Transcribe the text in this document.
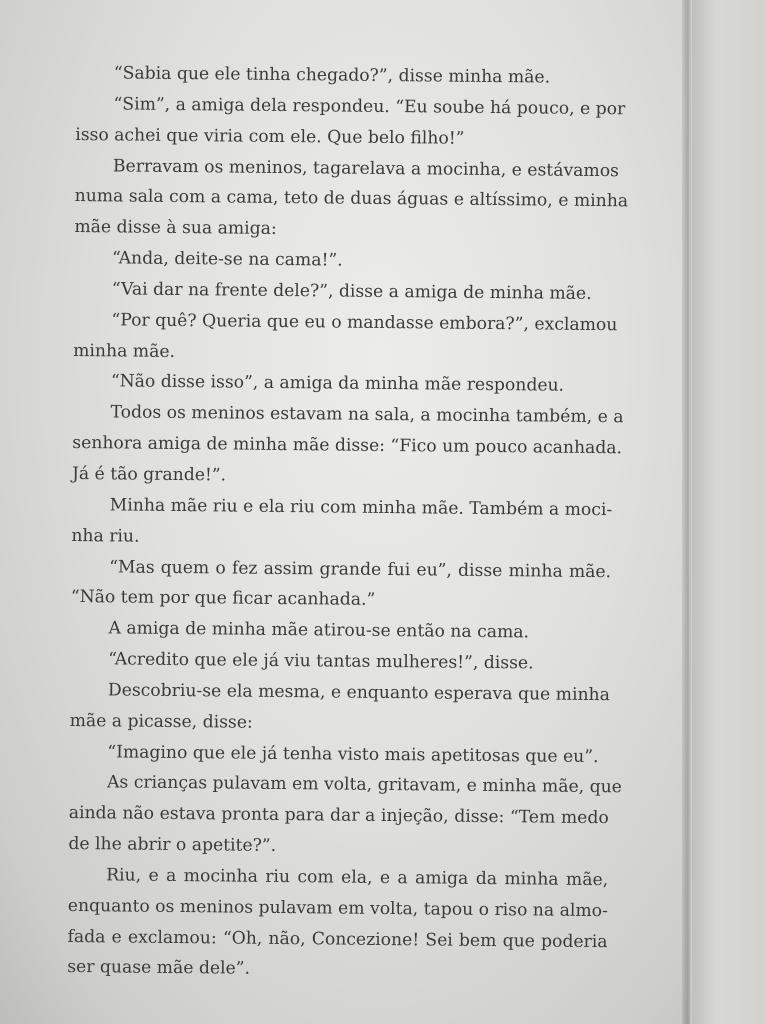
“Sabia que ele tinha chegado?”, disse minha mãe.
“Sim”, a amiga dela respondeu. “Eu soube há pouco, e por
isso achei que viria com ele. Que belo filho!”
Berravam os meninos, tagarelava a mocinha, e estávamos
numa sala com a cama, teto de duas águas e altíssimo, e minha
mãe disse à sua amiga:
“Anda, deite-se na cama!”.
“Vai dar na frente dele?”, disse a amiga de minha mãe.
“Por quê? Queria que eu o mandasse embora?”, exclamou
minha mãe.
“Não disse isso”, a amiga da minha mãe respondeu.
Todos os meninos estavam na sala, a mocinha também, e a
senhora amiga de minha mãe disse: “Fico um pouco acanhada.
Já é tão grande!”.
Minha mãe riu e ela riu com minha mãe. Também a moci-
nha riu.
“Mas quem o fez assim grande fui eu”, disse minha mãe.
“Não tem por que ficar acanhada.”
A amiga de minha mãe atirou-se então na cama.
“Acredito que ele já viu tantas mulheres!”, disse.
Descobriu-se ela mesma, e enquanto esperava que minha
mãe a picasse, disse:
“Imagino que ele já tenha visto mais apetitosas que eu”.
As crianças pulavam em volta, gritavam, e minha mãe, que
ainda não estava pronta para dar a injeção, disse: “Tem medo
de lhe abrir o apetite?”.
Riu, e a mocinha riu com ela, e a amiga da minha mãe,
enquanto os meninos pulavam em volta, tapou o riso na almo-
fada e exclamou: “Oh, não, Concezione! Sei bem que poderia
ser quase mãe dele”.
